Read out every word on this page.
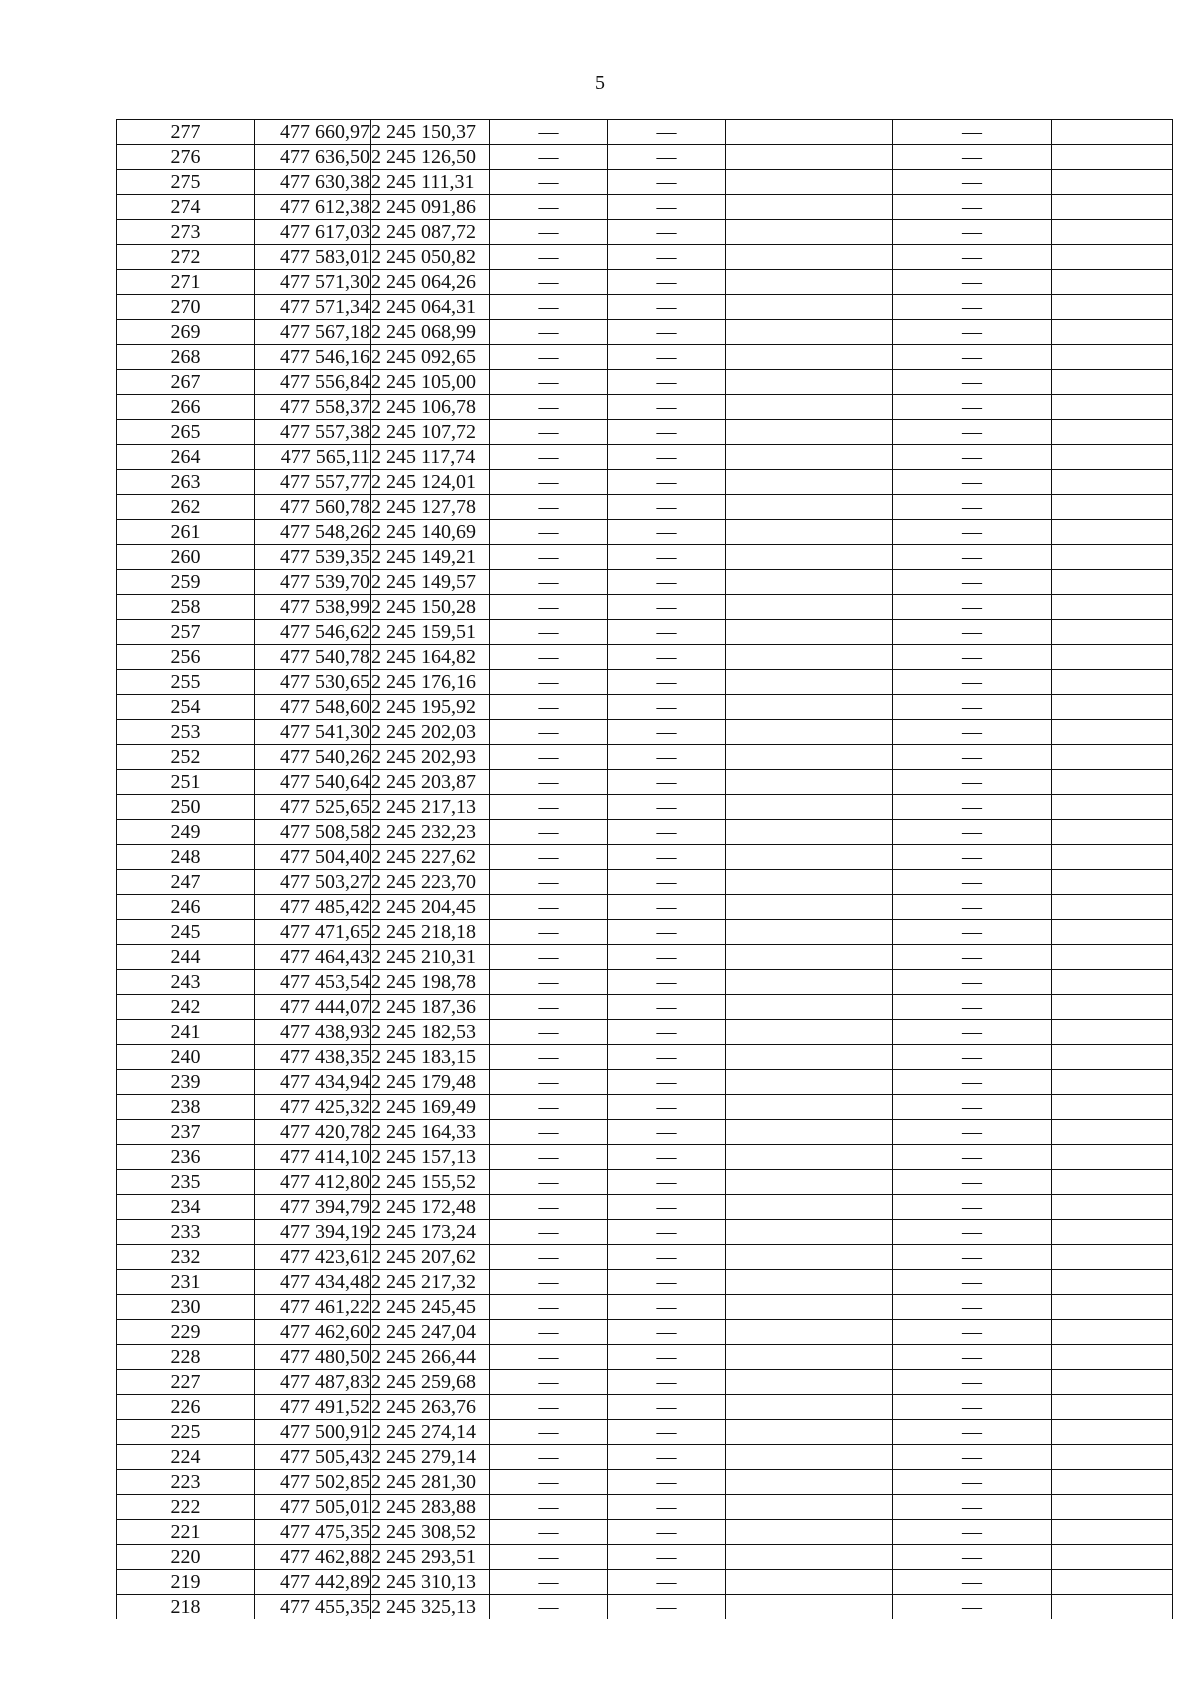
5
277	477 660,97	2 245 150,37	—	—		—	
276	477 636,50	2 245 126,50	—	—		—	
275	477 630,38	2 245 111,31	—	—		—	
274	477 612,38	2 245 091,86	—	—		—	
273	477 617,03	2 245 087,72	—	—		—	
272	477 583,01	2 245 050,82	—	—		—	
271	477 571,30	2 245 064,26	—	—		—	
270	477 571,34	2 245 064,31	—	—		—	
269	477 567,18	2 245 068,99	—	—		—	
268	477 546,16	2 245 092,65	—	—		—	
267	477 556,84	2 245 105,00	—	—		—	
266	477 558,37	2 245 106,78	—	—		—	
265	477 557,38	2 245 107,72	—	—		—	
264	477 565,11	2 245 117,74	—	—		—	
263	477 557,77	2 245 124,01	—	—		—	
262	477 560,78	2 245 127,78	—	—		—	
261	477 548,26	2 245 140,69	—	—		—	
260	477 539,35	2 245 149,21	—	—		—	
259	477 539,70	2 245 149,57	—	—		—	
258	477 538,99	2 245 150,28	—	—		—	
257	477 546,62	2 245 159,51	—	—		—	
256	477 540,78	2 245 164,82	—	—		—	
255	477 530,65	2 245 176,16	—	—		—	
254	477 548,60	2 245 195,92	—	—		—	
253	477 541,30	2 245 202,03	—	—		—	
252	477 540,26	2 245 202,93	—	—		—	
251	477 540,64	2 245 203,87	—	—		—	
250	477 525,65	2 245 217,13	—	—		—	
249	477 508,58	2 245 232,23	—	—		—	
248	477 504,40	2 245 227,62	—	—		—	
247	477 503,27	2 245 223,70	—	—		—	
246	477 485,42	2 245 204,45	—	—		—	
245	477 471,65	2 245 218,18	—	—		—	
244	477 464,43	2 245 210,31	—	—		—	
243	477 453,54	2 245 198,78	—	—		—	
242	477 444,07	2 245 187,36	—	—		—	
241	477 438,93	2 245 182,53	—	—		—	
240	477 438,35	2 245 183,15	—	—		—	
239	477 434,94	2 245 179,48	—	—		—	
238	477 425,32	2 245 169,49	—	—		—	
237	477 420,78	2 245 164,33	—	—		—	
236	477 414,10	2 245 157,13	—	—		—	
235	477 412,80	2 245 155,52	—	—		—	
234	477 394,79	2 245 172,48	—	—		—	
233	477 394,19	2 245 173,24	—	—		—	
232	477 423,61	2 245 207,62	—	—		—	
231	477 434,48	2 245 217,32	—	—		—	
230	477 461,22	2 245 245,45	—	—		—	
229	477 462,60	2 245 247,04	—	—		—	
228	477 480,50	2 245 266,44	—	—		—	
227	477 487,83	2 245 259,68	—	—		—	
226	477 491,52	2 245 263,76	—	—		—	
225	477 500,91	2 245 274,14	—	—		—	
224	477 505,43	2 245 279,14	—	—		—	
223	477 502,85	2 245 281,30	—	—		—	
222	477 505,01	2 245 283,88	—	—		—	
221	477 475,35	2 245 308,52	—	—		—	
220	477 462,88	2 245 293,51	—	—		—	
219	477 442,89	2 245 310,13	—	—		—	
218	477 455,35	2 245 325,13	—	—		—	
